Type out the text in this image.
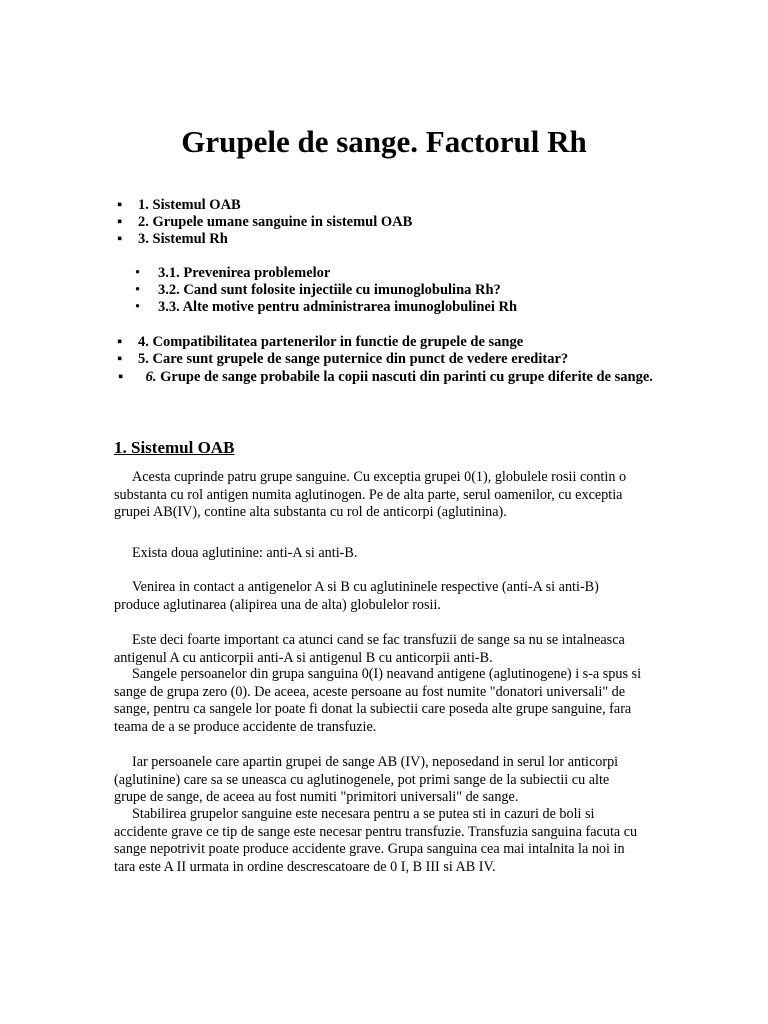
Grupele de sange. Factorul Rh
▪ 1. Sistemul OAB
▪ 2. Grupele umane sanguine in sistemul OAB
▪ 3. Sistemul Rh
• 3.1. Prevenirea problemelor
• 3.2. Cand sunt folosite injectiile cu imunoglobulina Rh?
• 3.3. Alte motive pentru administrarea imunoglobulinei Rh
▪ 4. Compatibilitatea partenerilor in functie de grupele de sange
▪ 5. Care sunt grupele de sange puternice din punct de vedere ereditar?
▪ 6. Grupe de sange probabile la copii nascuti din parinti cu grupe diferite de sange.
1. Sistemul OAB

Acesta cuprinde patru grupe sanguine. Cu exceptia grupei 0(1), globulele rosii contin o substanta cu rol antigen numita aglutinogen. Pe de alta parte, serul oamenilor, cu exceptia grupei AB(IV), contine alta substanta cu rol de anticorpi (aglutinina).

Exista doua aglutinine: anti-A si anti-B.

Venirea in contact a antigenelor A si B cu aglutininele respective (anti-A si anti-B) produce aglutinarea (alipirea una de alta) globulelor rosii.

Este deci foarte important ca atunci cand se fac transfuzii de sange sa nu se intalneasca antigenul A cu anticorpii anti-A si antigenul B cu anticorpii anti-B.

Sangele persoanelor din grupa sanguina 0(I) neavand antigene (aglutinogene) i s-a spus si sange de grupa zero (0). De aceea, aceste persoane au fost numite "donatori universali" de sange, pentru ca sangele lor poate fi donat la subiectii care poseda alte grupe sanguine, fara teama de a se produce accidente de transfuzie.

Iar persoanele care apartin grupei de sange AB (IV), neposedand in serul lor anticorpi (aglutinine) care sa se uneasca cu aglutinogenele, pot primi sange de la subiectii cu alte grupe de sange, de aceea au fost numiti "primitori universali" de sange.

Stabilirea grupelor sanguine este necesara pentru a se putea sti in cazuri de boli si accidente grave ce tip de sange este necesar pentru transfuzie. Transfuzia sanguina facuta cu sange nepotrivit poate produce accidente grave. Grupa sanguina cea mai intalnita la noi in tara este A II urmata in ordine descrescatoare de 0 I, B III si AB IV.
